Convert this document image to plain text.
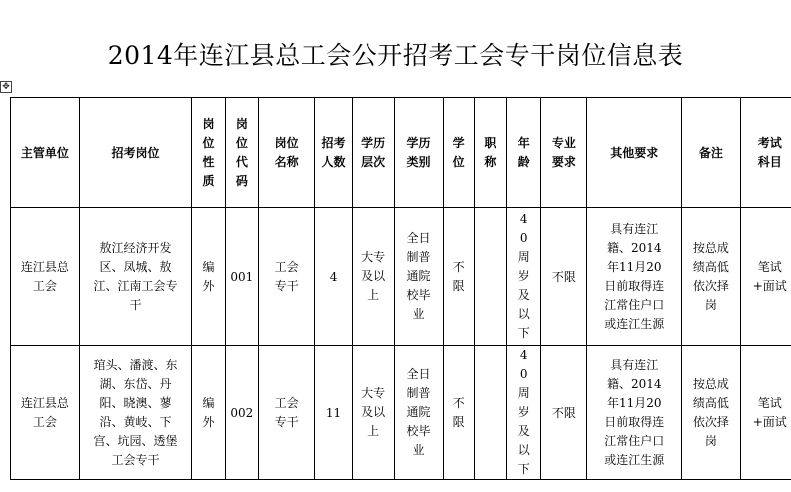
2014年连江县总工会公开招考工会专干岗位信息表
✥
主管单位	招考岗位	岗位性质	岗位代码	岗位名称	招考人数	学历层次	学历类别	学位	职称	年龄	专业要求	其他要求	备注	考试科目
连江县总工会	敖江经济开发区、凤城、敖江、江南工会专干	编外	001	工会专干	4	大专及以上	全日制普通院校毕业	不限		40周岁及以下	不限	具有连江籍、2014年11月20日前取得连江常住户口或连江生源	按总成绩高低依次择岗	笔试+面试
连江县总工会	琯头、潘渡、东湖、东岱、丹阳、晓澳、蓼沿、黄岐、下宫、坑园、透堡工会专干	编外	002	工会专干	11	大专及以上	全日制普通院校毕业	不限		40周岁及以下	不限	具有连江籍、2014年11月20日前取得连江常住户口或连江生源	按总成绩高低依次择岗	笔试+面试
